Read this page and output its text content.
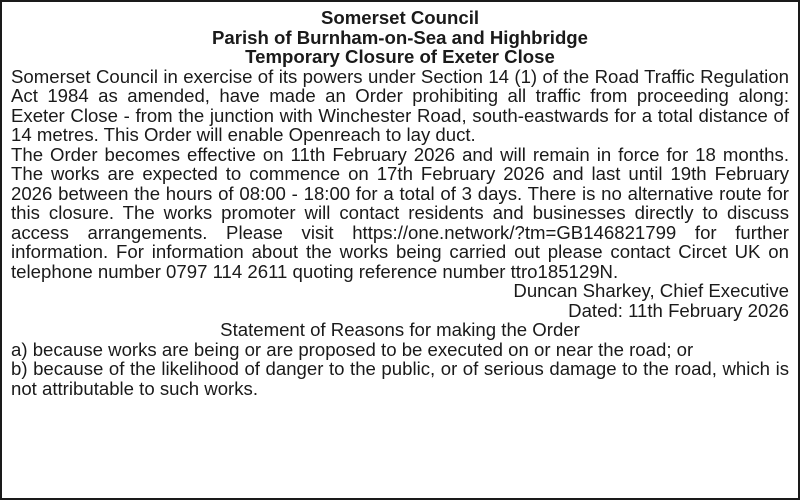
Somerset Council
Parish of Burnham-on-Sea and Highbridge
Temporary Closure of Exeter Close

Somerset Council in exercise of its powers under Section 14 (1) of the Road Traffic Regulation Act 1984 as amended, have made an Order prohibiting all traffic from proceeding along: Exeter Close - from the junction with Winchester Road, south-eastwards for a total distance of 14 metres. This Order will enable Openreach to lay duct.

The Order becomes effective on 11th February 2026 and will remain in force for 18 months. The works are expected to commence on 17th February 2026 and last until 19th February 2026 between the hours of 08:00 - 18:00 for a total of 3 days. There is no alternative route for this closure. The works promoter will contact residents and businesses directly to discuss access arrangements. Please visit https://one.network/?tm=GB146821799 for further information. For information about the works being carried out please contact Circet UK on telephone number 0797 114 2611 quoting reference number ttro185129N.

Duncan Sharkey, Chief Executive
Dated: 11th February 2026
Statement of Reasons for making the Order
a) because works are being or are proposed to be executed on or near the road; or
b) because of the likelihood of danger to the public, or of serious damage to the road, which is not attributable to such works.
